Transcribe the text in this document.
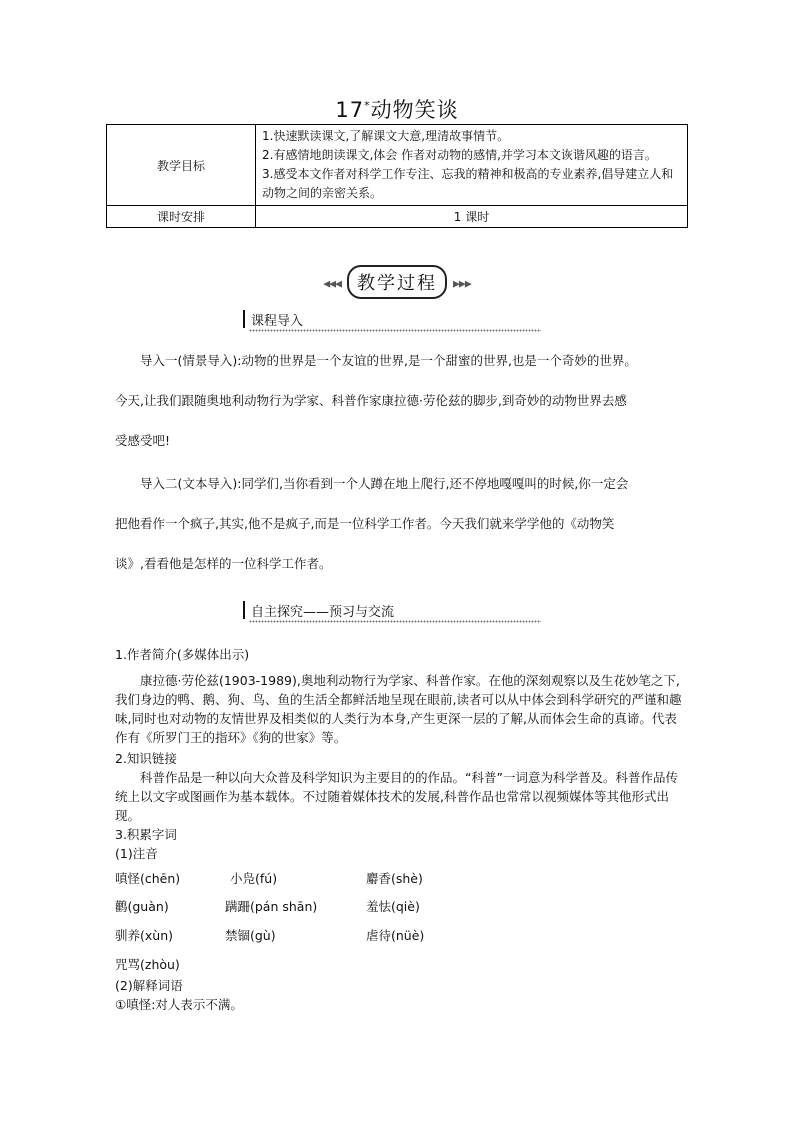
17*动物笑谈
教学目标	1.快速默读课文,了解课文大意,理清故事情节。
2.有感情地朗读课文,体会 作者对动物的感情,并学习本文诙谐风趣的语言。
3.感受本文作者对科学工作专注、忘我的精神和极高的专业素养,倡导建立人和动物之间的亲密关系。

课时安排	1 课时
◀◀◀ 教学过程 ▶▶▶
课程导入

导入一(情景导入):动物的世界是一个友谊的世界,是一个甜蜜的世界,也是一个奇妙的世界。

今天,让我们跟随奥地利动物行为学家、科普作家康拉德·劳伦兹的脚步,到奇妙的动物世界去感

受感受吧!

导入二(文本导入):同学们,当你看到一个人蹲在地上爬行,还不停地嘎嘎叫的时候,你一定会

把他看作一个疯子,其实,他不是疯子,而是一位科学工作者。今天我们就来学学他的《动物笑

谈》,看看他是怎样的一位科学工作者。

自主探究——预习与交流
1.作者简介(多媒体出示)
康拉德·劳伦兹(1903-1989),奥地利动物行为学家、科普作家。在他的深刻观察以及生花妙笔之下,我们身边的鸭、鹅、狗、鸟、鱼的生活全都鲜活地呈现在眼前,读者可以从中体会到科学研究的严谨和趣味,同时也对动物的友情世界及相类似的人类行为本身,产生更深一层的了解,从而体会生命的真谛。代表作有《所罗门王的指环》《狗的世家》等。
2.知识链接
科普作品是一种以向大众普及科学知识为主要目的的作品。“科普”一词意为科学普及。科普作品传统上以文字或图画作为基本载体。不过随着媒体技术的发展,科普作品也常常以视频媒体等其他形式出现。
3.积累字词
(1)注音
嗔怪(chēn)	小凫(fú)	麝香(shè)
鹳(guàn)	蹒跚(pán shān)	羞怯(qiè)
驯养(xùn)	禁锢(gù)	虐待(nüè)
咒骂(zhòu)
(2)解释词语
①嗔怪:对人表示不满。
